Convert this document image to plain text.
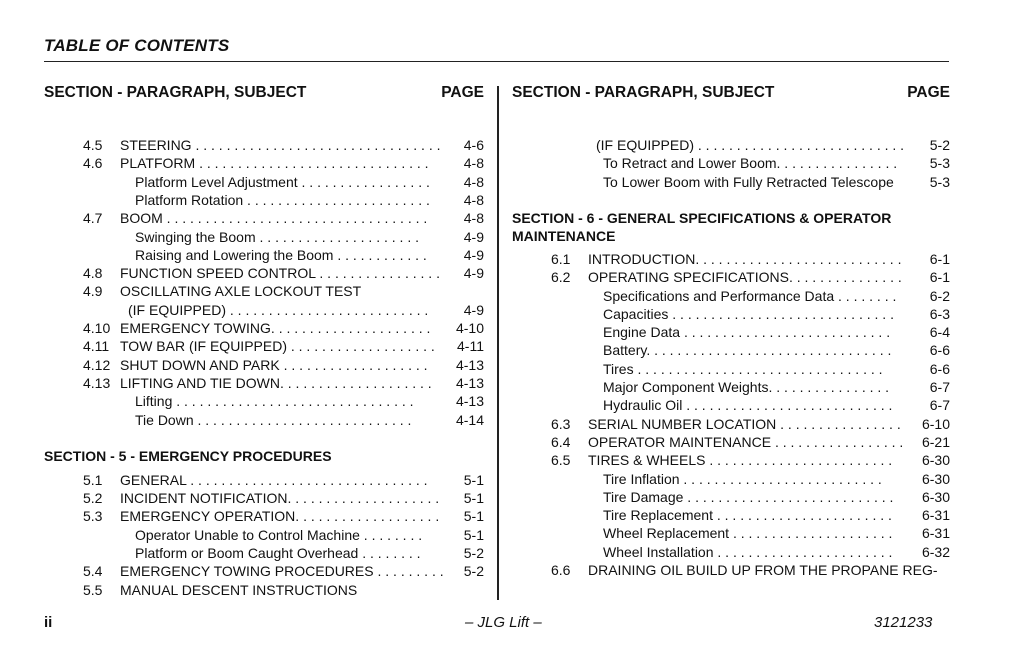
TABLE OF CONTENTS
SECTION - PARAGRAPH, SUBJECT	PAGE
4.5 STEERING . . . . . . . . . . . . . . . . . . . . . . . . . . . . . . . . 4-6
4.6 PLATFORM . . . . . . . . . . . . . . . . . . . . . . . . . . . . . .	4-8
Platform Level Adjustment . . . . . . . . . . . . . . . . . 4-8
Platform Rotation . . . . . . . . . . . . . . . . . . . . . . . . 4-8
4.7 BOOM . . . . . . . . . . . . . . . . . . . . . . . . . . . . . . . . . .	4-8
Swinging the Boom . . . . . . . . . . . . . . . . . . . . .	4-9
Raising and Lowering the Boom . . . . . . . . . . . .	4-9
4.8 FUNCTION SPEED CONTROL . . . . . . . . . . . . . . . . 4-9
4.9 OSCILLATING AXLE LOCKOUT TEST
(IF EQUIPPED) . . . . . . . . . . . . . . . . . . . . . . . . . .	4-9
4.10 EMERGENCY TOWING. . . . . . . . . . . . . . . . . . . . . 4-10
4.11 TOW BAR (IF EQUIPPED) . . . . . . . . . . . . . . . . . . . 4-11
4.12 SHUT DOWN AND PARK . . . . . . . . . . . . . . . . . . . 4-13
4.13 LIFTING AND TIE DOWN. . . . . . . . . . . . . . . . . . . . 4-13
Lifting . . . . . . . . . . . . . . . . . . . . . . . . . . . . . . .	4-13
Tie Down . . . . . . . . . . . . . . . . . . . . . . . . . . . .	4-14
SECTION - 5 - EMERGENCY PROCEDURES
5.1 GENERAL . . . . . . . . . . . . . . . . . . . . . . . . . . . . . . .	5-1
5.2 INCIDENT NOTIFICATION. . . . . . . . . . . . . . . . . . . . 5-1
5.3 EMERGENCY OPERATION. . . . . . . . . . . . . . . . . . . 5-1
Operator Unable to Control Machine . . . . . . . .	5-1
Platform or Boom Caught Overhead . . . . . . . .	5-2
5.4 EMERGENCY TOWING PROCEDURES . . . . . . . . . 5-2
5.5 MANUAL DESCENT INSTRUCTIONS
SECTION - PARAGRAPH, SUBJECT	PAGE
(IF EQUIPPED) . . . . . . . . . . . . . . . . . . . . . . . . . . . 5-2
To Retract and Lower Boom. . . . . . . . . . . . . . . . 5-3
To Lower Boom with Fully Retracted Telescope	5-3
SECTION - 6 - GENERAL SPECIFICATIONS & OPERATOR
MAINTENANCE
6.1 INTRODUCTION. . . . . . . . . . . . . . . . . . . . . . . . . . . 6-1
6.2 OPERATING SPECIFICATIONS. . . . . . . . . . . . . . . 6-1
Specifications and Performance Data . . . . . . . . 6-2
Capacities . . . . . . . . . . . . . . . . . . . . . . . . . . . . .	6-3
Engine Data . . . . . . . . . . . . . . . . . . . . . . . . . . .	6-4
Battery. . . . . . . . . . . . . . . . . . . . . . . . . . . . . . . .	6-6
Tires . . . . . . . . . . . . . . . . . . . . . . . . . . . . . . . .	6-6
Major Component Weights. . . . . . . . . . . . . . . .	6-7
Hydraulic Oil . . . . . . . . . . . . . . . . . . . . . . . . . . .	6-7
6.3 SERIAL NUMBER LOCATION . . . . . . . . . . . . . . . . 6-10
6.4 OPERATOR MAINTENANCE . . . . . . . . . . . . . . . . . 6-21
6.5 TIRES & WHEELS . . . . . . . . . . . . . . . . . . . . . . . . 6-30
Tire Inflation . . . . . . . . . . . . . . . . . . . . . . . . . .	6-30
Tire Damage . . . . . . . . . . . . . . . . . . . . . . . . . . . 6-30
Tire Replacement . . . . . . . . . . . . . . . . . . . . . . . 6-31
Wheel Replacement . . . . . . . . . . . . . . . . . . . . . 6-31
Wheel Installation . . . . . . . . . . . . . . . . . . . . . . . 6-32
6.6 DRAINING OIL BUILD UP FROM THE PROPANE REG-
ii	– JLG Lift –	3121233
